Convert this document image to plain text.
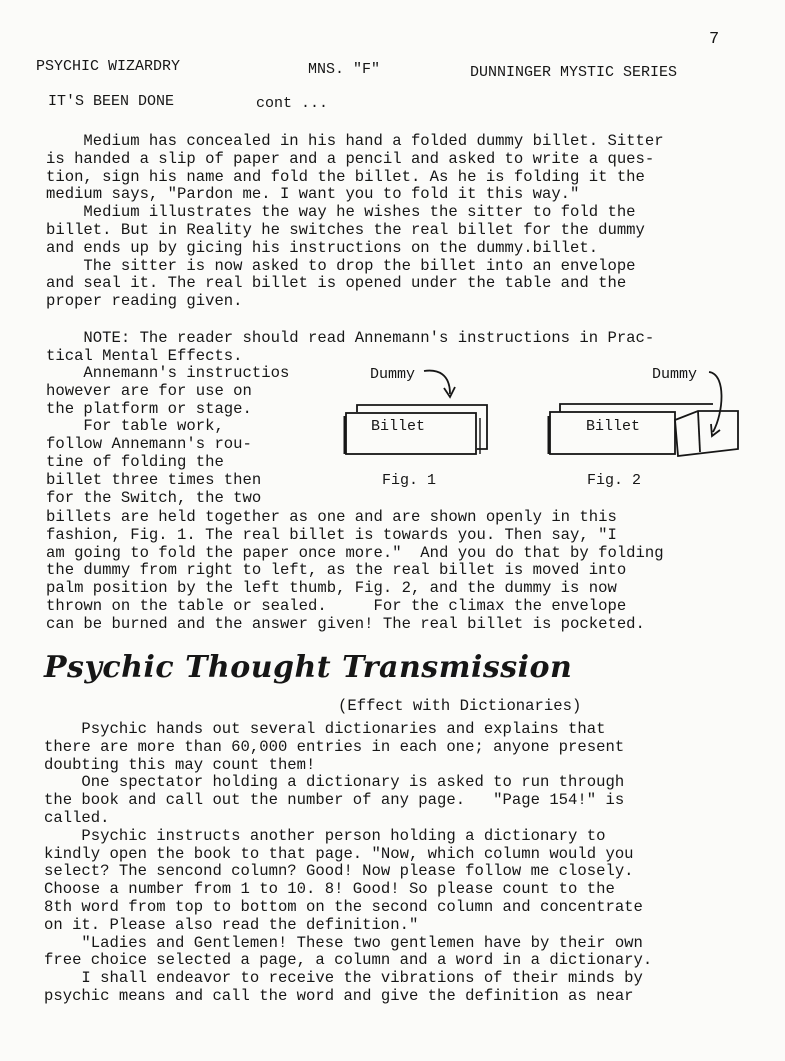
7
PSYCHIC WIZARDRY	MNS. "F"	DUNNINGER MYSTIC SERIES
IT'S BEEN DONE	cont ...
Medium has concealed in his hand a folded dummy billet. Sitter
is handed a slip of paper and a pencil and asked to write a ques-
tion, sign his name and fold the billet. As he is folding it the
medium says, "Pardon me. I want you to fold it this way."
Medium illustrates the way he wishes the sitter to fold the
billet. But in Reality he switches the real billet for the dummy
and ends up by gicing his instructions on the dummy.billet.
The sitter is now asked to drop the billet into an envelope
and seal it. The real billet is opened under the table and the
proper reading given.
NOTE: The reader should read Annemann's instructions in Prac-
tical Mental Effects.
Annemann's instructios
however are for use on
the platform or stage.
For table work,
follow Annemann's rou-
tine of folding the
billet three times then
for the Switch, the two
Dummy	Dummy
Billet	Billet
Fig. 1	Fig. 2
billets are held together as one and are shown openly in this
fashion, Fig. 1. The real billet is towards you. Then say, "I
am going to fold the paper once more."  And you do that by folding
the dummy from right to left, as the real billet is moved into
palm position by the left thumb, Fig. 2, and the dummy is now
thrown on the table or sealed.     For the climax the envelope
can be burned and the answer given! The real billet is pocketed.
Psychic Thought Transmission
(Effect with Dictionaries)
Psychic hands out several dictionaries and explains that
there are more than 60,000 entries in each one; anyone present
doubting this may count them!
One spectator holding a dictionary is asked to run through
the book and call out the number of any page.   "Page 154!" is
called.
Psychic instructs another person holding a dictionary to
kindly open the book to that page. "Now, which column would you
select? The sencond column? Good! Now please follow me closely.
Choose a number from 1 to 10. 8! Good! So please count to the
8th word from top to bottom on the second column and concentrate
on it. Please also read the definition."
"Ladies and Gentlemen! These two gentlemen have by their own
free choice selected a page, a column and a word in a dictionary.
I shall endeavor to receive the vibrations of their minds by
psychic means and call the word and give the definition as near
